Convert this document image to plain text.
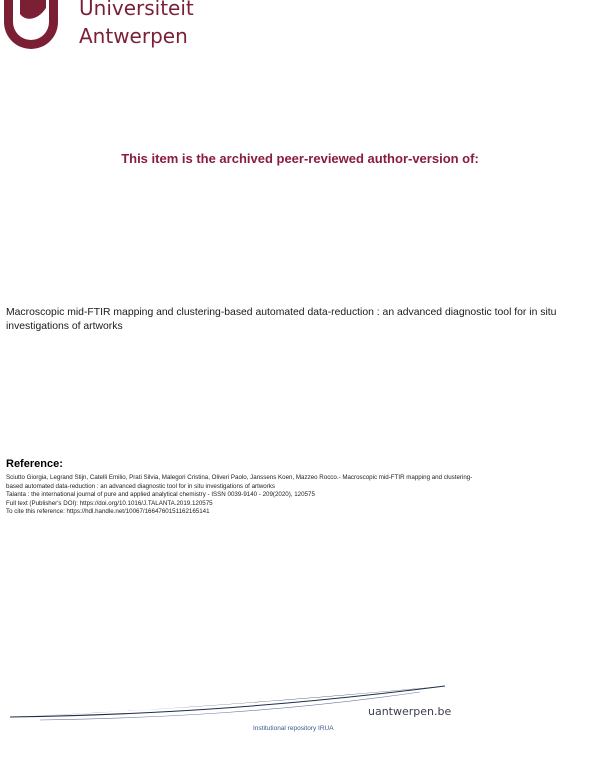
Universiteit
Antwerpen
This item is the archived peer-reviewed author-version of:
Macroscopic mid-FTIR mapping and clustering-based automated data-reduction : an advanced diagnostic tool for in situ investigations of artworks
Reference:
Sciutto Giorgia, Legrand Stijn, Catelli Emilio, Prati Silvia, Malegori Cristina, Oliveri Paolo, Janssens Koen, Mazzeo Rocco.- Macroscopic mid-FTIR mapping and clustering-
based automated data-reduction : an advanced diagnostic tool for in situ investigations of artworks
Talanta : the international journal of pure and applied analytical chemistry - ISSN 0039-9140 - 209(2020), 120575
Full text (Publisher's DOI): https://doi.org/10.1016/J.TALANTA.2019.120575
To cite this reference: https://hdl.handle.net/10067/1664760151162165141
uantwerpen.be
Institutional repository IRUA
